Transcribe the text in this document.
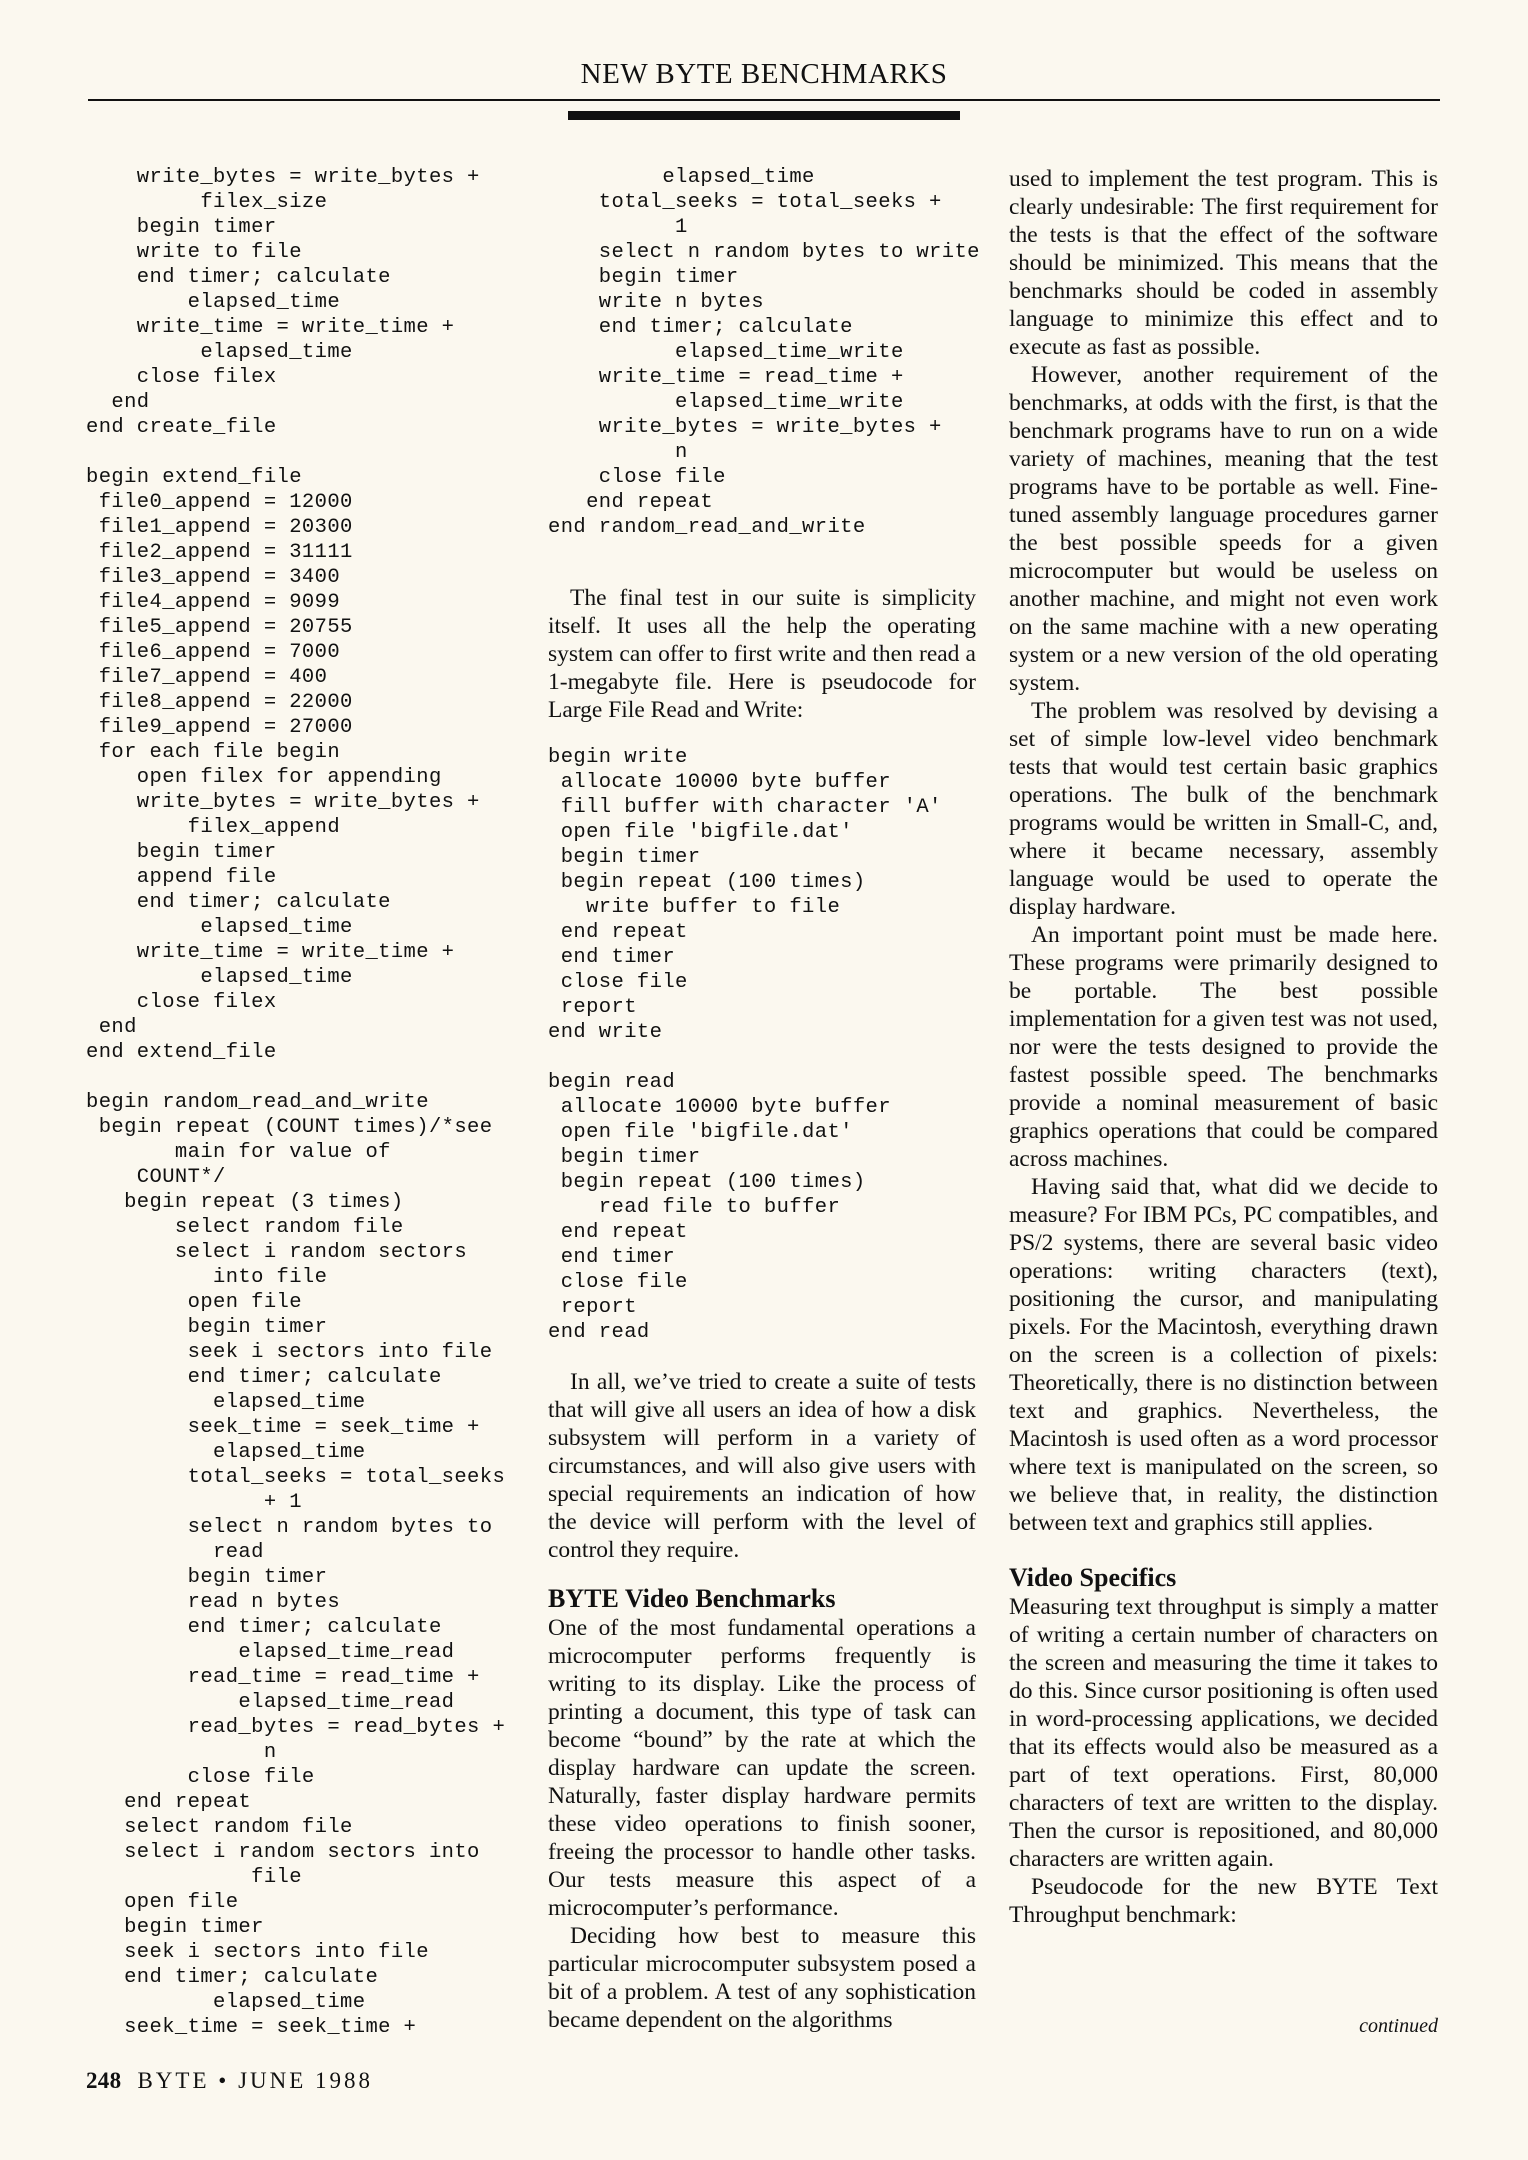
NEW BYTE BENCHMARKS
write_bytes = write_bytes +
filex_size
begin timer
write to file
end timer; calculate
elapsed_time
write_time = write_time +
elapsed_time
close filex
end
end create_file

begin extend_file
file0_append = 12000
file1_append = 20300
file2_append = 31111
file3_append = 3400
file4_append = 9099
file5_append = 20755
file6_append = 7000
file7_append = 400
file8_append = 22000
file9_append = 27000
for each file begin
open filex for appending
write_bytes = write_bytes +
filex_append
begin timer
append file
end timer; calculate
elapsed_time
write_time = write_time +
elapsed_time
close filex
end
end extend_file

begin random_read_and_write
begin repeat (COUNT times)/*see
main for value of
COUNT*/
begin repeat (3 times)
select random file
select i random sectors
into file
open file
begin timer
seek i sectors into file
end timer; calculate
elapsed_time
seek_time = seek_time +
elapsed_time
total_seeks = total_seeks
+ 1
select n random bytes to
read
begin timer
read n bytes
end timer; calculate
elapsed_time_read
read_time = read_time +
elapsed_time_read
read_bytes = read_bytes +
n
close file
end repeat
select random file
select i random sectors into
file
open file
begin timer
seek i sectors into file
end timer; calculate
elapsed_time
seek_time = seek_time +
elapsed_time
total_seeks = total_seeks +
1
select n random bytes to write
begin timer
write n bytes
end timer; calculate
elapsed_time_write
write_time = read_time +
elapsed_time_write
write_bytes = write_bytes +
n
close file
end repeat
end random_read_and_write

The final test in our suite is simplicity itself. It uses all the help the operating system can offer to first write and then read a 1-megabyte file. Here is pseudocode for Large File Read and Write:

begin write
allocate 10000 byte buffer
fill buffer with character 'A'
open file 'bigfile.dat'
begin timer
begin repeat (100 times)
write buffer to file
end repeat
end timer
close file
report
end write

begin read
allocate 10000 byte buffer
open file 'bigfile.dat'
begin timer
begin repeat (100 times)
read file to buffer
end repeat
end timer
close file
report
end read

In all, we’ve tried to create a suite of tests that will give all users an idea of how a disk subsystem will perform in a variety of circumstances, and will also give users with special requirements an indication of how the device will perform with the level of control they require.

BYTE Video Benchmarks

One of the most fundamental operations a microcomputer performs frequently is writing to its display. Like the process of printing a document, this type of task can become “bound” by the rate at which the display hardware can update the screen. Naturally, faster display hardware permits these video operations to finish sooner, freeing the processor to handle other tasks. Our tests measure this aspect of a microcomputer’s performance.

Deciding how best to measure this particular microcomputer subsystem posed a bit of a problem. A test of any sophistication became dependent on the algorithms

used to implement the test program. This is clearly undesirable: The first requirement for the tests is that the effect of the software should be minimized. This means that the benchmarks should be coded in assembly language to minimize this effect and to execute as fast as possible.

However, another requirement of the benchmarks, at odds with the first, is that the benchmark programs have to run on a wide variety of machines, meaning that the test programs have to be portable as well. Fine-tuned assembly language procedures garner the best possible speeds for a given microcomputer but would be useless on another machine, and might not even work on the same machine with a new operating system or a new version of the old operating system.

The problem was resolved by devising a set of simple low-level video benchmark tests that would test certain basic graphics operations. The bulk of the benchmark programs would be written in Small-C, and, where it became necessary, assembly language would be used to operate the display hardware.

An important point must be made here. These programs were primarily designed to be portable. The best possible implementation for a given test was not used, nor were the tests designed to provide the fastest possible speed. The benchmarks provide a nominal measurement of basic graphics operations that could be compared across machines.

Having said that, what did we decide to measure? For IBM PCs, PC compatibles, and PS/2 systems, there are several basic video operations: writing characters (text), positioning the cursor, and manipulating pixels. For the Macintosh, everything drawn on the screen is a collection of pixels: Theoretically, there is no distinction between text and graphics. Nevertheless, the Macintosh is used often as a word processor where text is manipulated on the screen, so we believe that, in reality, the distinction between text and graphics still applies.

Video Specifics

Measuring text throughput is simply a matter of writing a certain number of characters on the screen and measuring the time it takes to do this. Since cursor positioning is often used in word-processing applications, we decided that its effects would also be measured as a part of text operations. First, 80,000 characters of text are written to the display. Then the cursor is repositioned, and 80,000 characters are written again.

Pseudocode for the new BYTE Text Throughput benchmark:

continued
248 BYTE • JUNE 1988
